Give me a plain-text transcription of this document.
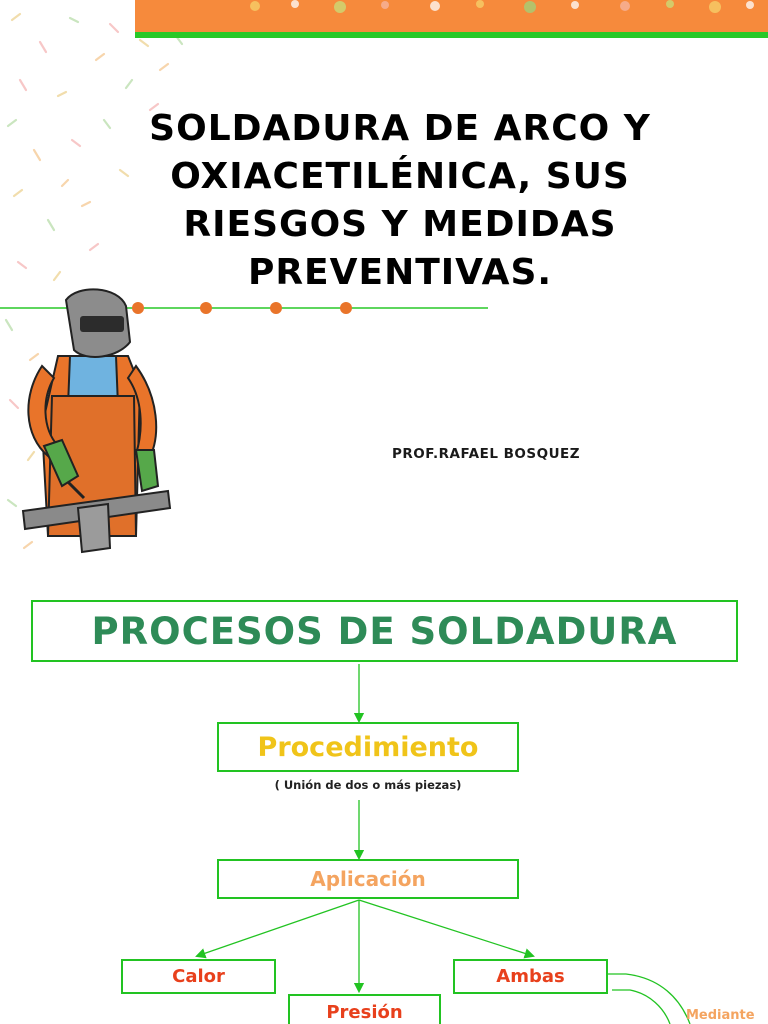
SOLDADURA DE ARCO Y
OXIACETILÉNICA, SUS
RIESGOS Y MEDIDAS
PREVENTIVAS.

PROF.RAFAEL BOSQUEZ

PROCESOS DE SOLDADURA
Procedimiento

( Unión de dos o más piezas)

Aplicación
Calor	Ambas
Presión	Mediante
